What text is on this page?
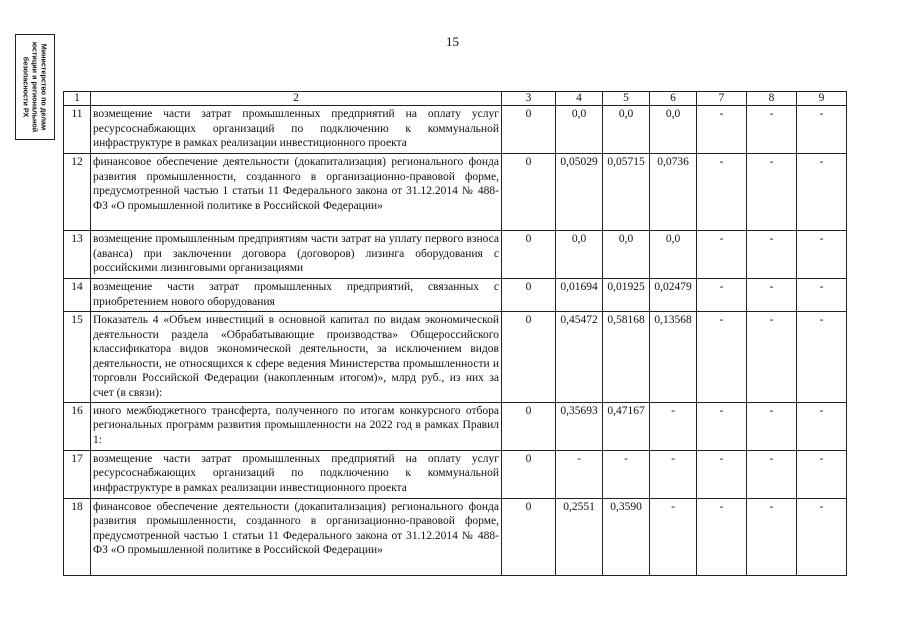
15
Министерство по делам юстиции и региональной безопасности РХ	1	2	3	4	5	6	7	8	9
11	возмещение части затрат промышленных предприятий на оплату услуг ресурсоснабжающих организаций по подключению к коммунальной инфраструктуре в рамках реализации инвестиционного проекта	0	0,0	0,0	0,0	-	-	-
12	финансовое обеспечение деятельности (докапитализация) регионального фонда развития промышленности, созданного в организационно-правовой форме, предусмотренной частью 1 статьи 11 Федерального закона от 31.12.2014 № 488-ФЗ «О промышленной политике в Российской Федерации»	0	0,05029	0,05715	0,0736	-	-	-
13	возмещение промышленным предприятиям части затрат на уплату первого взноса (аванса) при заключении договора (договоров) лизинга оборудования с российскими лизинговыми организациями	0	0,0	0,0	0,0	-	-	-
14	возмещение части затрат промышленных предприятий, связанных с приобретением нового оборудования	0	0,01694	0,01925	0,02479	-	-	-
15	Показатель 4 «Объем инвестиций в основной капитал по видам экономической деятельности раздела «Обрабатывающие производства» Общероссийского классификатора видов экономической деятельности, за исключением видов деятельности, не относящихся к сфере ведения Министерства промышленности и торговли Российской Федерации (накопленным итогом)», млрд руб., из них за счет (в связи):	0	0,45472	0,58168	0,13568	-	-	-
16	иного межбюджетного трансферта, полученного по итогам конкурсного отбора региональных программ развития промышленности на 2022 год в рамках Правил 1:	0	0,35693	0,47167	-	-	-	-
17	возмещение части затрат промышленных предприятий на оплату услуг ресурсоснабжающих организаций по подключению к коммунальной инфраструктуре в рамках реализации инвестиционного проекта	0	-	-	-	-	-	-
18	финансовое обеспечение деятельности (докапитализация) регионального фонда развития промышленности, созданного в организационно-правовой форме, предусмотренной частью 1 статьи 11 Федерального закона от 31.12.2014 № 488-ФЗ «О промышленной политике в Российской Федерации»	0	0,2551	0,3590	-	-	-	-
